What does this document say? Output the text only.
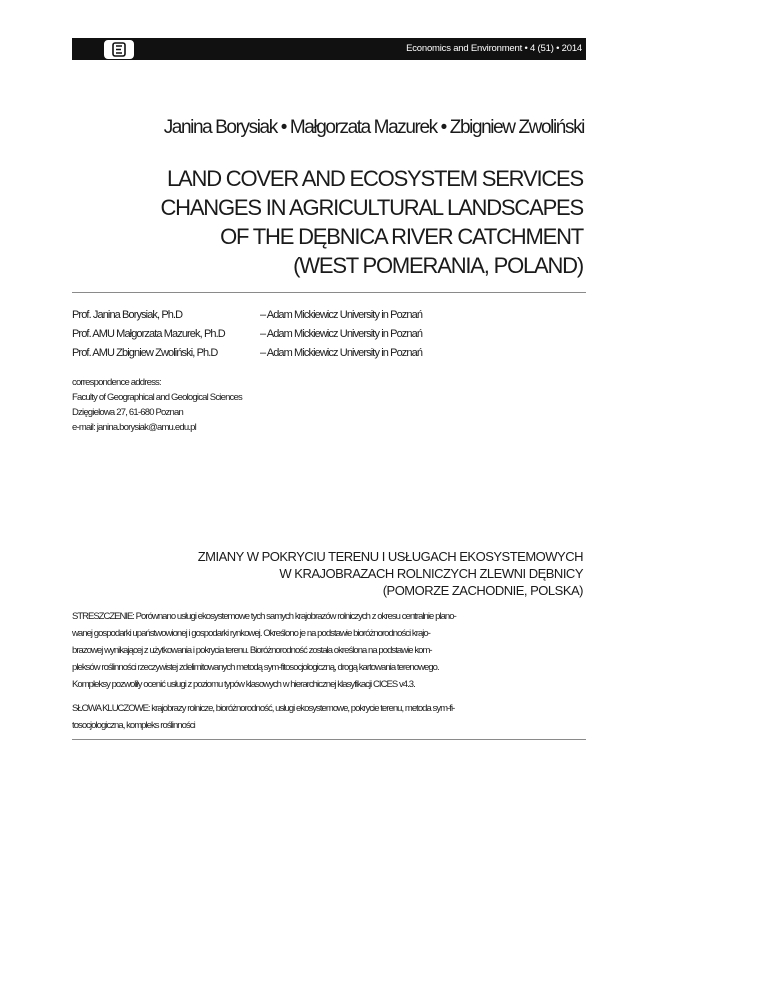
Economics and Environment • 4 (51) • 2014
Janina Borysiak • Małgorzata Mazurek • Zbigniew Zwoliński
LAND COVER AND ECOSYSTEM SERVICES
CHANGES IN AGRICULTURAL LANDSCAPES
OF THE DĘBNICA RIVER CATCHMENT
(WEST POMERANIA, POLAND)
Prof. Janina Borysiak, Ph.D	– Adam Mickiewicz University in Poznań
Prof. AMU Małgorzata Mazurek, Ph.D	– Adam Mickiewicz University in Poznań
Prof. AMU Zbigniew Zwoliński, Ph.D	– Adam Mickiewicz University in Poznań
correspondence address:
Faculty of Geographical and Geological Sciences
Dzięgielowa 27, 61-680 Poznan
e-mail: janina.borysiak@amu.edu.pl
ZMIANY W POKRYCIU TERENU I USŁUGACH EKOSYSTEMOWYCH
W KRAJOBRAZACH ROLNICZYCH ZLEWNI DĘBNICY
(POMORZE ZACHODNIE, POLSKA)
STRESZCZENIE: Porównano usługi ekosystemowe tych samych krajobrazów rolniczych z okresu centralnie plano-
wanej gospodarki upaństwowionej i gospodarki rynkowej. Określono je na podstawie bioróżnorodności krajo-
brazowej wynikającej z użytkowania i pokrycia terenu. Bioróżnorodność została określona na podstawie kom-
pleksów roślinności rzeczywistej zdelimitowanych metodą sym-fitosocjologiczną, drogą kartowania terenowego.
Kompleksy pozwoliły ocenić usługi z poziomu typów klasowych w hierarchicznej klasyfikacji CICES v4.3.
SŁOWA KLUCZOWE: krajobrazy rolnicze, bioróżnorodność, usługi ekosystemowe, pokrycie terenu, metoda sym-fi-
tosocjologiczna, kompleks roślinności
